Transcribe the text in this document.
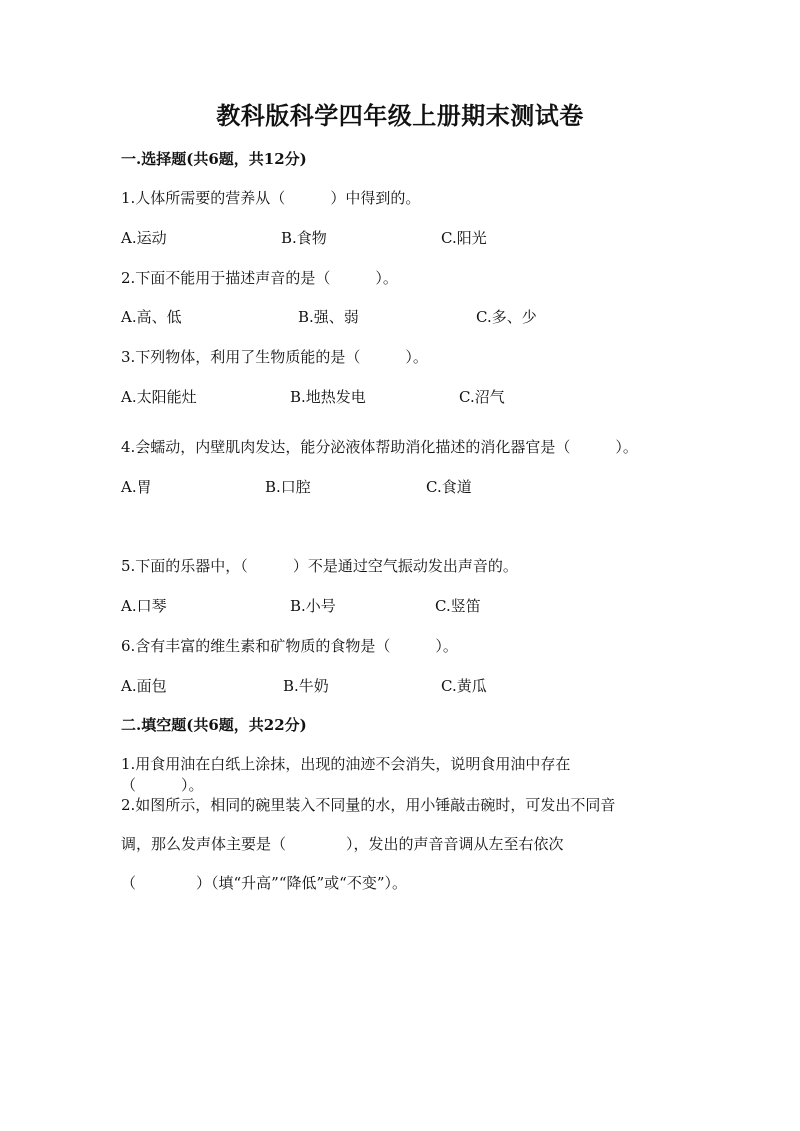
教科版科学四年级上册期末测试卷
一.选择题(共6题，共12分)
1.人体所需要的营养从（　　　）中得到的。
A.运动	B.食物	C.阳光
2.下面不能用于描述声音的是（　　　）。
A.高、低	B.强、弱	C.多、少
3.下列物体，利用了生物质能的是（　　　）。
A.太阳能灶	B.地热发电	C.沼气
4.会蠕动，内壁肌肉发达，能分泌液体帮助消化描述的消化器官是（　　　）。
A.胃	B.口腔	C.食道
5.下面的乐器中，（　　　）不是通过空气振动发出声音的。
A.口琴	B.小号	C.竖笛
6.含有丰富的维生素和矿物质的食物是（　　　）。
A.面包	B.牛奶	C.黄瓜
二.填空题(共6题，共22分)
1.用食用油在白纸上涂抹，出现的油迹不会消失，说明食用油中存在
（　　　）。
2.如图所示，相同的碗里装入不同量的水，用小锤敲击碗时，可发出不同音
调，那么发声体主要是（　　　　），发出的声音音调从左至右依次
（　　　　）（填“升高”“降低”或“不变”）。
